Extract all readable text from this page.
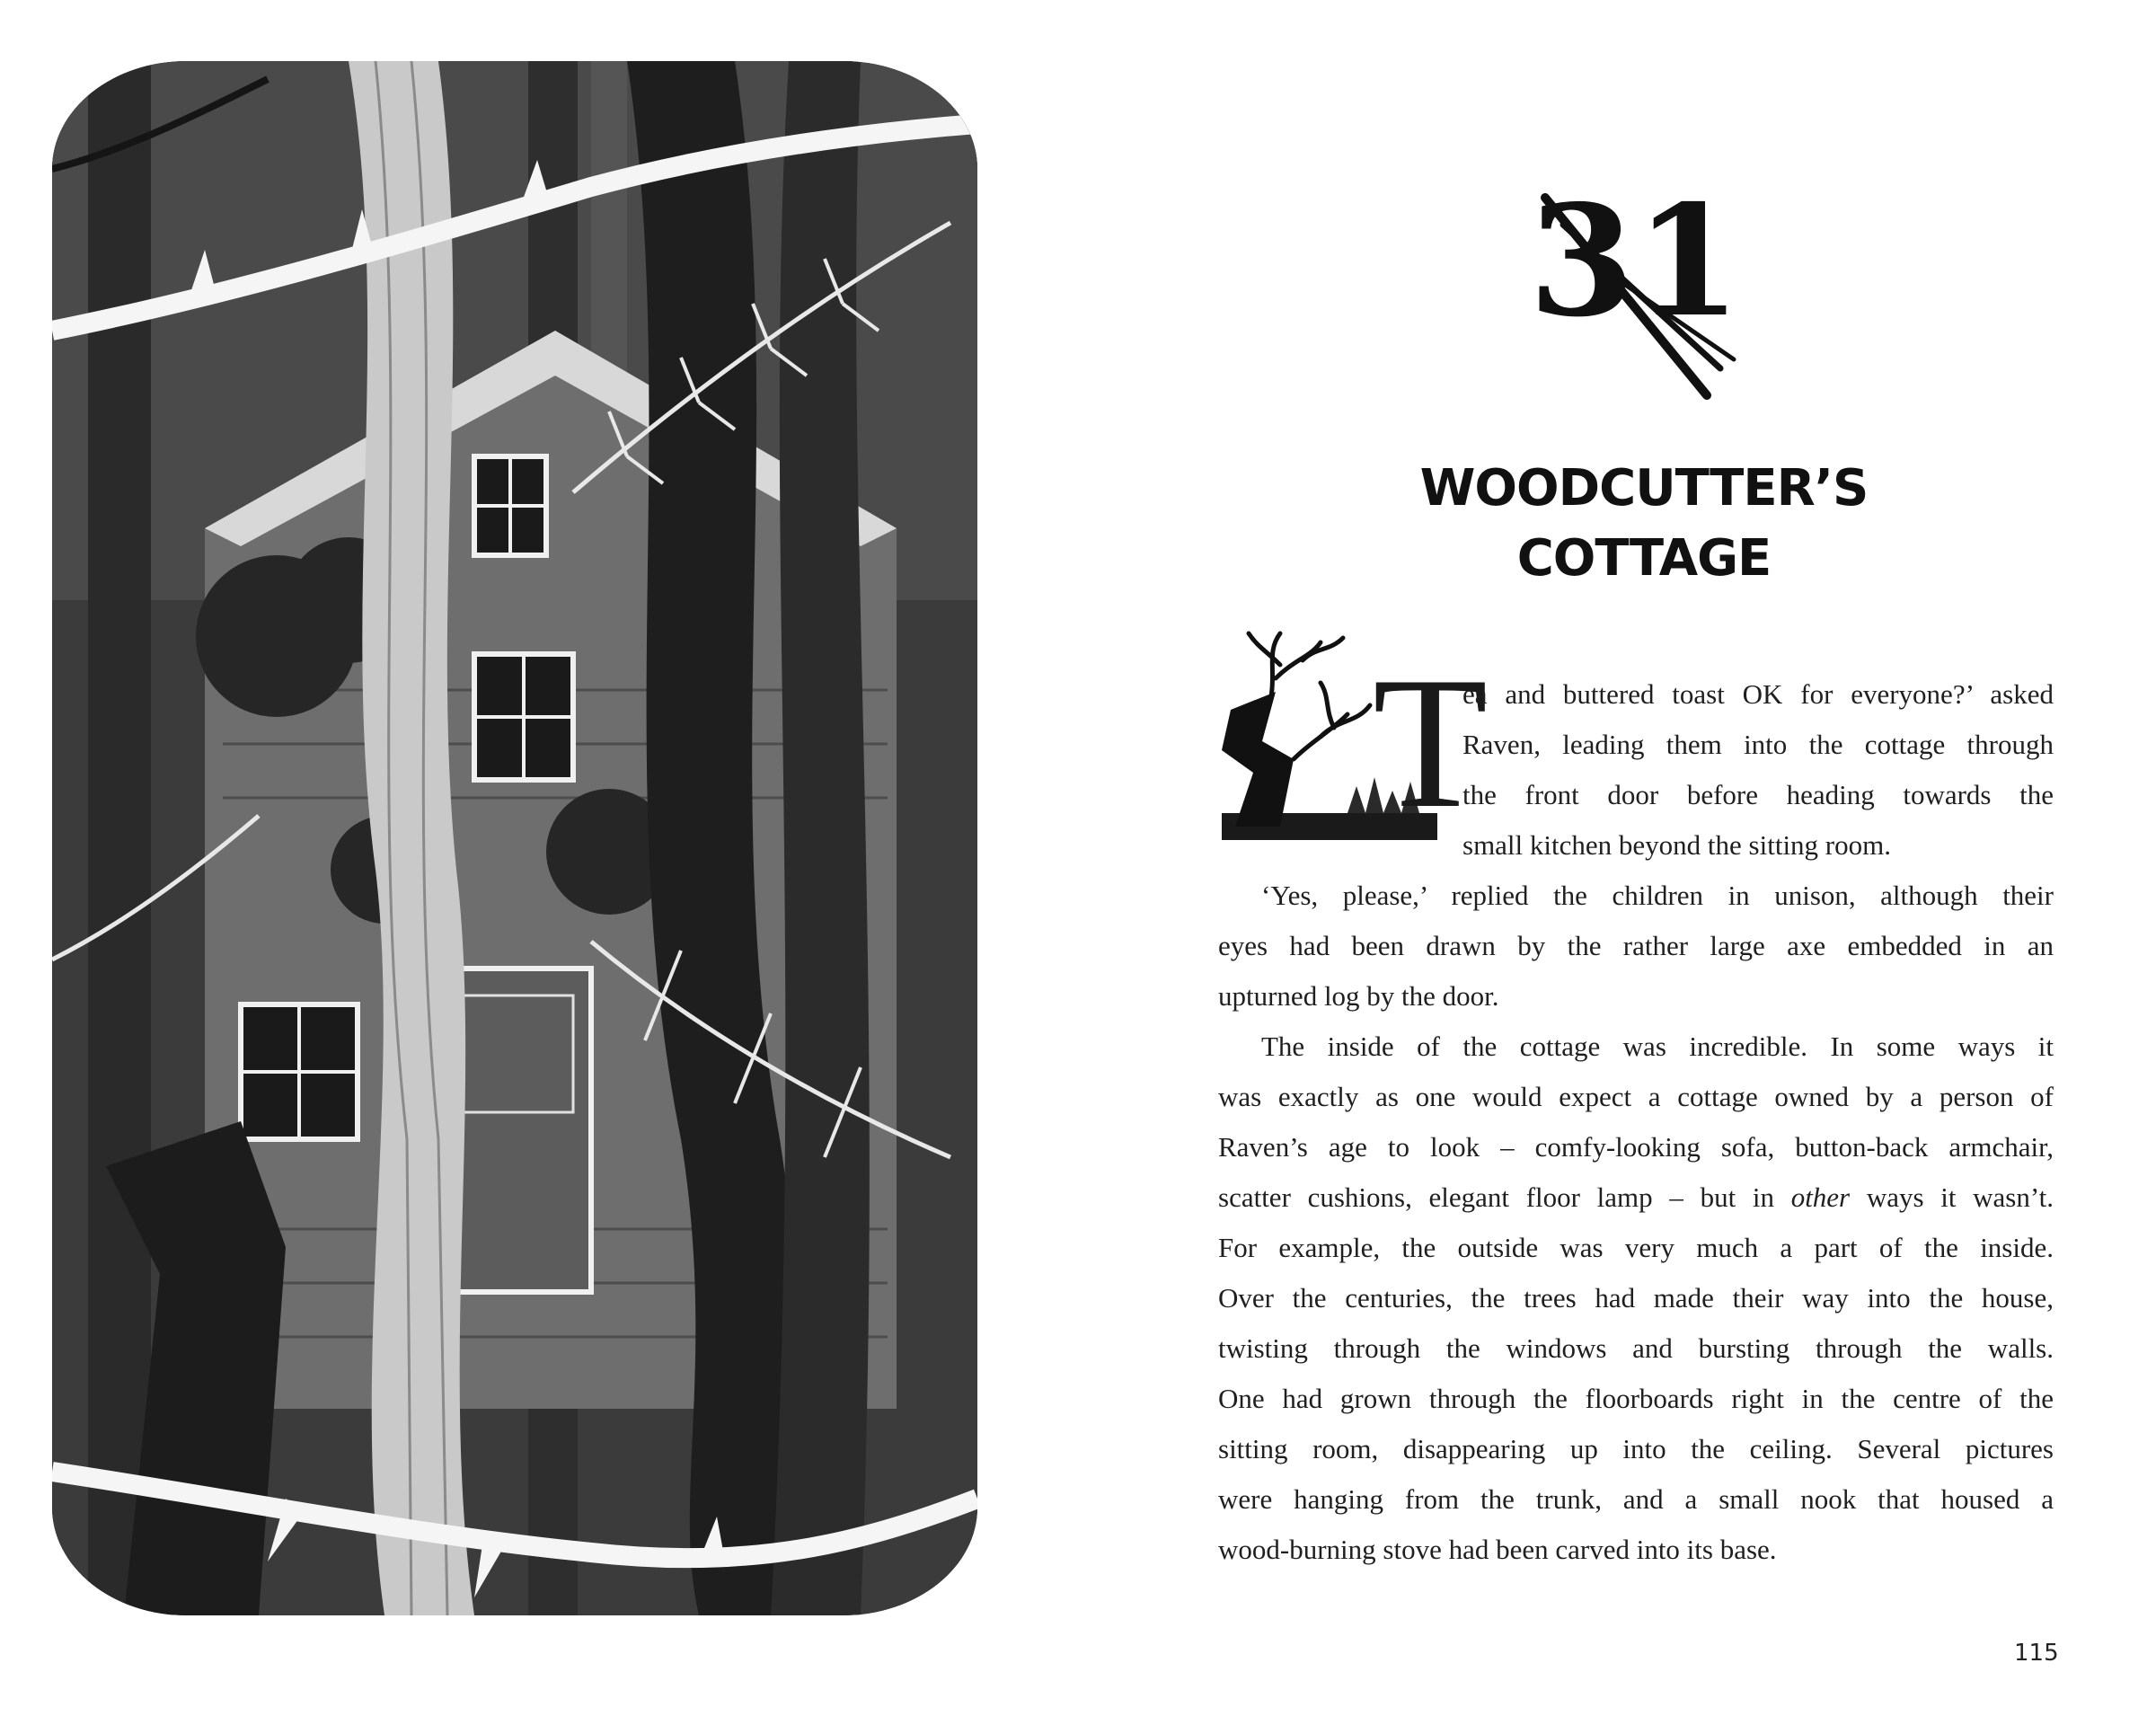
31
WOODCUTTER’S
COTTAGE
T
ea and buttered toast OK for everyone?’ asked
Raven, leading them into the cottage through
the front door before heading towards the
small kitchen beyond the sitting room.
‘Yes, please,’ replied the children in unison, although their
eyes had been drawn by the rather large axe embedded in an
upturned log by the door.
The inside of the cottage was incredible. In some ways it
was exactly as one would expect a cottage owned by a person of
Raven’s age to look – comfy-looking sofa, button-back armchair,
scatter cushions, elegant floor lamp – but in other ways it wasn’t.
For example, the outside was very much a part of the inside.
Over the centuries, the trees had made their way into the house,
twisting through the windows and bursting through the walls.
One had grown through the floorboards right in the centre of the
sitting room, disappearing up into the ceiling. Several pictures
were hanging from the trunk, and a small nook that housed a
wood-burning stove had been carved into its base.
115
